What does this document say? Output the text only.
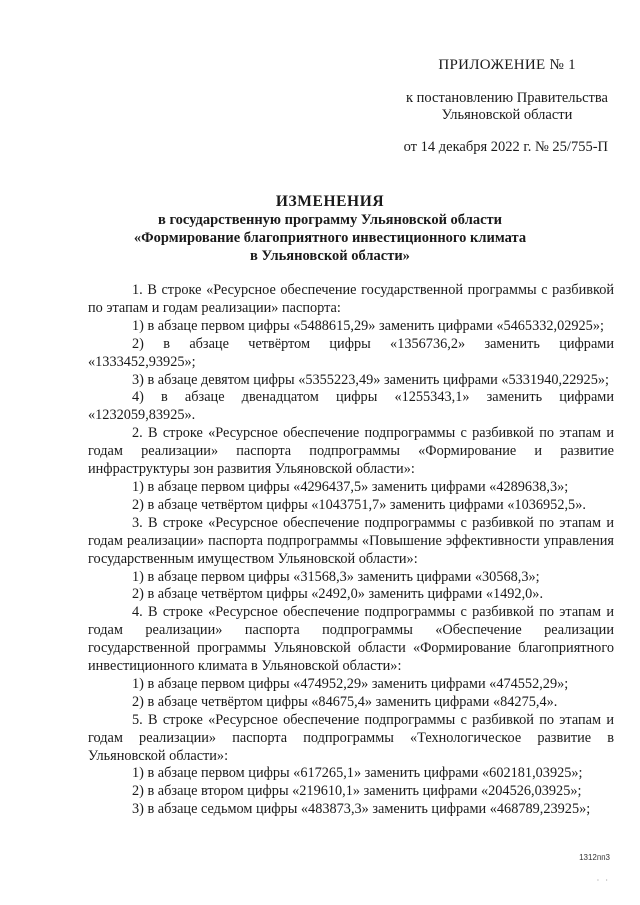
ПРИЛОЖЕНИЕ № 1
к постановлению Правительства
Ульяновской области
от 14 декабря 2022 г. № 25/755-П
ИЗМЕНЕНИЯ
в государственную программу Ульяновской области
«Формирование благоприятного инвестиционного климата
в Ульяновской области»

1. В строке «Ресурсное обеспечение государственной программы с разбивкой по этапам и годам реализации» паспорта:

1) в абзаце первом цифры «5488615,29» заменить цифрами «5465332,02925»;

2) в абзаце четвёртом цифры «1356736,2» заменить цифрами «1333452,93925»;

3) в абзаце девятом цифры «5355223,49» заменить цифрами «5331940,22925»;

4) в абзаце двенадцатом цифры «1255343,1» заменить цифрами «1232059,83925».

2. В строке «Ресурсное обеспечение подпрограммы с разбивкой по этапам и годам реализации» паспорта подпрограммы «Формирование и развитие инфраструктуры зон развития Ульяновской области»:

1) в абзаце первом цифры «4296437,5» заменить цифрами «4289638,3»;

2) в абзаце четвёртом цифры «1043751,7» заменить цифрами «1036952,5».

3. В строке «Ресурсное обеспечение подпрограммы с разбивкой по этапам и годам реализации» паспорта подпрограммы «Повышение эффективности управления государственным имуществом Ульяновской области»:

1) в абзаце первом цифры «31568,3» заменить цифрами «30568,3»;

2) в абзаце четвёртом цифры «2492,0» заменить цифрами «1492,0».

4. В строке «Ресурсное обеспечение подпрограммы с разбивкой по этапам и годам реализации» паспорта подпрограммы «Обеспечение реализации государственной программы Ульяновской области «Формирование благоприятного инвестиционного климата в Ульяновской области»:

1) в абзаце первом цифры «474952,29» заменить цифрами «474552,29»;

2) в абзаце четвёртом цифры «84675,4» заменить цифрами «84275,4».

5. В строке «Ресурсное обеспечение подпрограммы с разбивкой по этапам и годам реализации» паспорта подпрограммы «Технологическое развитие в Ульяновской области»:

1) в абзаце первом цифры «617265,1» заменить цифрами «602181,03925»;

2) в абзаце втором цифры «219610,1» заменить цифрами «204526,03925»;

3) в абзаце седьмом цифры «483873,3» заменить цифрами «468789,23925»;

1312пп3
· ·
